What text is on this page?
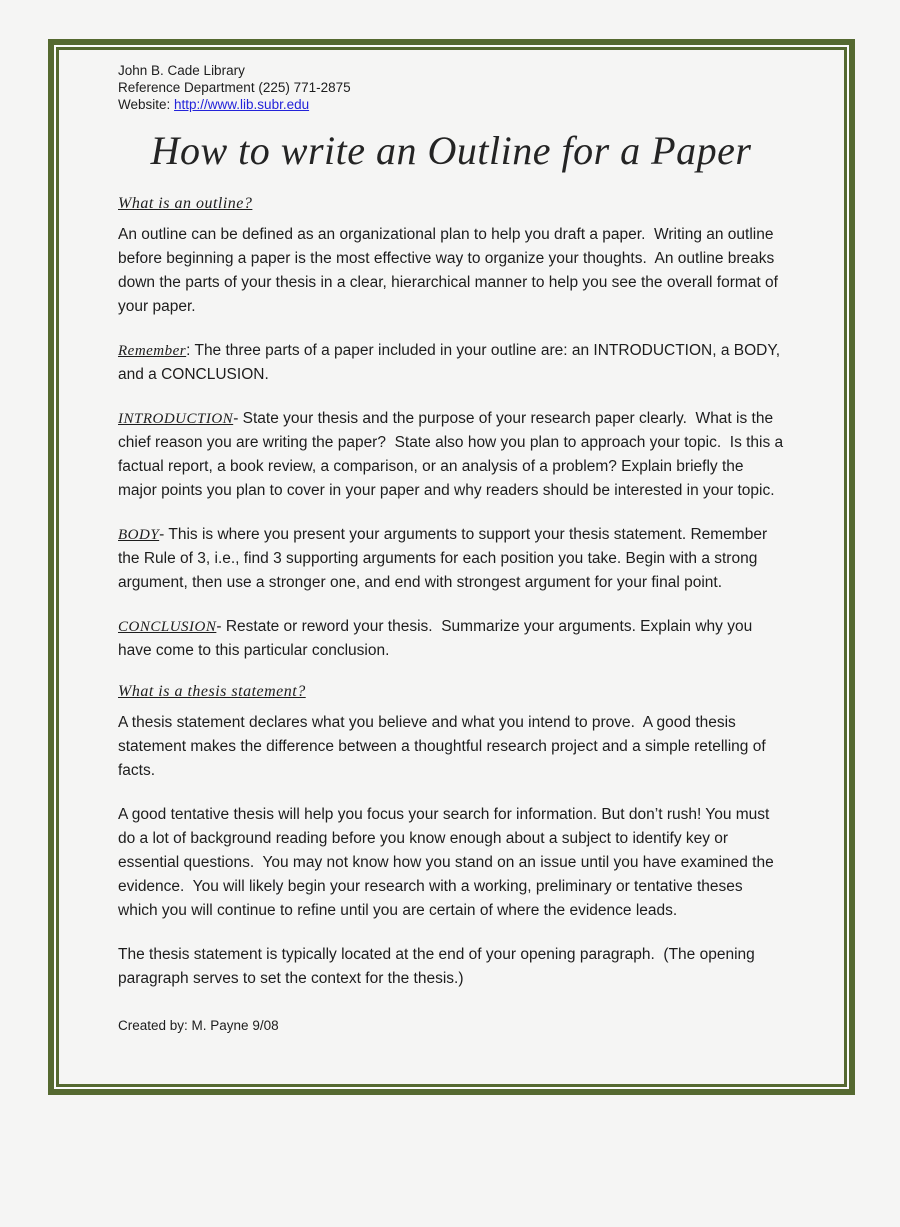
John B. Cade Library
Reference Department (225) 771-2875
Website: http://www.lib.subr.edu
How to write an Outline for a Paper
What is an outline?

An outline can be defined as an organizational plan to help you draft a paper.  Writing an outline before beginning a paper is the most effective way to organize your thoughts.  An outline breaks down the parts of your thesis in a clear, hierarchical manner to help you see the overall format of your paper.

Remember: The three parts of a paper included in your outline are: an INTRODUCTION, a BODY, and a CONCLUSION.

INTRODUCTION- State your thesis and the purpose of your research paper clearly.  What is the chief reason you are writing the paper?  State also how you plan to approach your topic.  Is this a factual report, a book review, a comparison, or an analysis of a problem? Explain briefly the major points you plan to cover in your paper and why readers should be interested in your topic.

BODY- This is where you present your arguments to support your thesis statement. Remember the Rule of 3, i.e., find 3 supporting arguments for each position you take. Begin with a strong argument, then use a stronger one, and end with strongest argument for your final point.

CONCLUSION- Restate or reword your thesis.  Summarize your arguments. Explain why you have come to this particular conclusion.

What is a thesis statement?

A thesis statement declares what you believe and what you intend to prove.  A good thesis statement makes the difference between a thoughtful research project and a simple retelling of facts.

A good tentative thesis will help you focus your search for information. But don’t rush! You must do a lot of background reading before you know enough about a subject to identify key or essential questions.  You may not know how you stand on an issue until you have examined the evidence.  You will likely begin your research with a working, preliminary or tentative theses which you will continue to refine until you are certain of where the evidence leads.

The thesis statement is typically located at the end of your opening paragraph.  (The opening paragraph serves to set the context for the thesis.)

Created by: M. Payne 9/08
